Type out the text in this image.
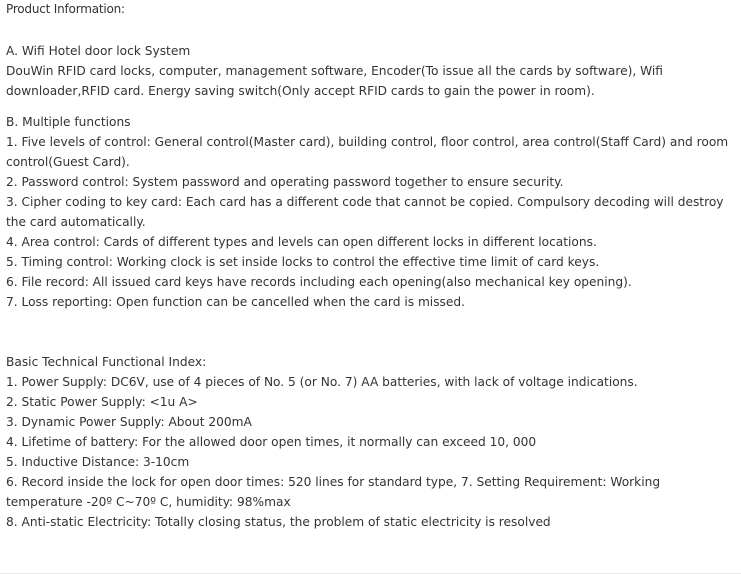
Product Information:

A. Wifi Hotel door lock System

DouWin RFID card locks, computer, management software, Encoder(To issue all the cards by software), Wifi downloader,RFID card. Energy saving switch(Only accept RFID cards to gain the power in room).

B. Multiple functions

1. Five levels of control: General control(Master card), building control, floor control, area control(Staff Card) and room control(Guest Card).

2. Password control: System password and operating password together to ensure security.

3. Cipher coding to key card: Each card has a different code that cannot be copied. Compulsory decoding will destroy the card automatically.

4. Area control: Cards of different types and levels can open different locks in different locations.

5. Timing control: Working clock is set inside locks to control the effective time limit of card keys.

6. File record: All issued card keys have records including each opening(also mechanical key opening).

7. Loss reporting: Open function can be cancelled when the card is missed.

Basic Technical Functional Index:

1. Power Supply: DC6V, use of 4 pieces of No. 5 (or No. 7) AA batteries, with lack of voltage indications.

2. Static Power Supply: <1u A>

3. Dynamic Power Supply: About 200mA

4. Lifetime of battery: For the allowed door open times, it normally can exceed 10, 000

5. Inductive Distance: 3-10cm

6. Record inside the lock for open door times: 520 lines for standard type, 7. Setting Requirement: Working temperature -20º C~70º C, humidity: 98%max

8. Anti-static Electricity: Totally closing status, the problem of static electricity is resolved
